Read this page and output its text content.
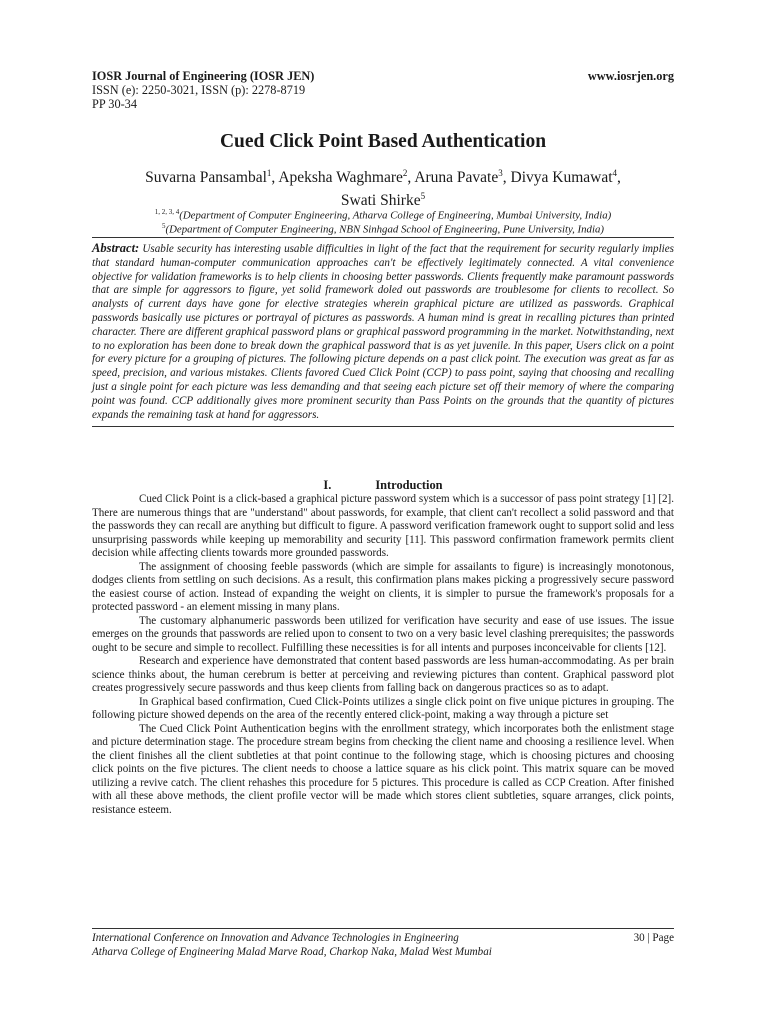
IOSR Journal of Engineering (IOSR JEN)	www.iosrjen.org
ISSN (e): 2250-3021, ISSN (p): 2278-8719
PP 30-34
Cued Click Point Based Authentication
Suvarna Pansambal$^1$, Apeksha Waghmare$^2$, Aruna Pavate$^3$, Divya Kumawat$^4$,
Swati Shirke$^5$
$^{1, 2, 3, 4}$(Department of Computer Engineering, Atharva College of Engineering, Mumbai University, India)
$^5$(Department of Computer Engineering, NBN Sinhgad School of Engineering, Pune University, India)
Abstract: Usable security has interesting usable difficulties in light of the fact that the requirement for security regularly implies that standard human-computer communication approaches can't be effectively legitimately connected. A vital convenience objective for validation frameworks is to help clients in choosing better passwords. Clients frequently make paramount passwords that are simple for aggressors to figure, yet solid framework doled out passwords are troublesome for clients to recollect. So analysts of current days have gone for elective strategies wherein graphical picture are utilized as passwords. Graphical passwords basically use pictures or portrayal of pictures as passwords. A human mind is great in recalling pictures than printed character. There are different graphical password plans or graphical password programming in the market. Notwithstanding, next to no exploration has been done to break down the graphical password that is as yet juvenile. In this paper, Users click on a point for every picture for a grouping of pictures. The following picture depends on a past click point. The execution was great as far as speed, precision, and various mistakes. Clients favored Cued Click Point (CCP) to pass point, saying that choosing and recalling just a single point for each picture was less demanding and that seeing each picture set off their memory of where the comparing point was found. CCP additionally gives more prominent security than Pass Points on the grounds that the quantity of pictures expands the remaining task at hand for aggressors.
I.	Introduction

Cued Click Point is a click-based a graphical picture password system which is a successor of pass point strategy [1] [2]. There are numerous things that are "understand" about passwords, for example, that client can't recollect a solid password and that the passwords they can recall are anything but difficult to figure. A password verification framework ought to support solid and less unsurprising passwords while keeping up memorability and security [11]. This password confirmation framework permits client decision while affecting clients towards more grounded passwords.

The assignment of choosing feeble passwords (which are simple for assailants to figure) is increasingly monotonous, dodges clients from settling on such decisions. As a result, this confirmation plans makes picking a progressively secure password the easiest course of action. Instead of expanding the weight on clients, it is simpler to pursue the framework's proposals for a protected password - an element missing in many plans.

The customary alphanumeric passwords been utilized for verification have security and ease of use issues. The issue emerges on the grounds that passwords are relied upon to consent to two on a very basic level clashing prerequisites; the passwords ought to be secure and simple to recollect. Fulfilling these necessities is for all intents and purposes inconceivable for clients [12].

Research and experience have demonstrated that content based passwords are less human-accommodating. As per brain science thinks about, the human cerebrum is better at perceiving and reviewing pictures than content. Graphical password plot creates progressively secure passwords and thus keep clients from falling back on dangerous practices so as to adapt.

In Graphical based confirmation, Cued Click-Points utilizes a single click point on five unique pictures in grouping. The following picture showed depends on the area of the recently entered click-point, making a way through a picture set

The Cued Click Point Authentication begins with the enrollment strategy, which incorporates both the enlistment stage and picture determination stage. The procedure stream begins from checking the client name and choosing a resilience level. When the client finishes all the client subtleties at that point continue to the following stage, which is choosing pictures and choosing click points on the five pictures. The client needs to choose a lattice square as his click point. This matrix square can be moved utilizing a revive catch. The client rehashes this procedure for 5 pictures. This procedure is called as CCP Creation. After finished with all these above methods, the client profile vector will be made which stores client subtleties, square arranges, click points, resistance esteem.

International Conference on Innovation and Advance Technologies in Engineering
Atharva College of Engineering Malad Marve Road, Charkop Naka, Malad West Mumbai
30 | Page
